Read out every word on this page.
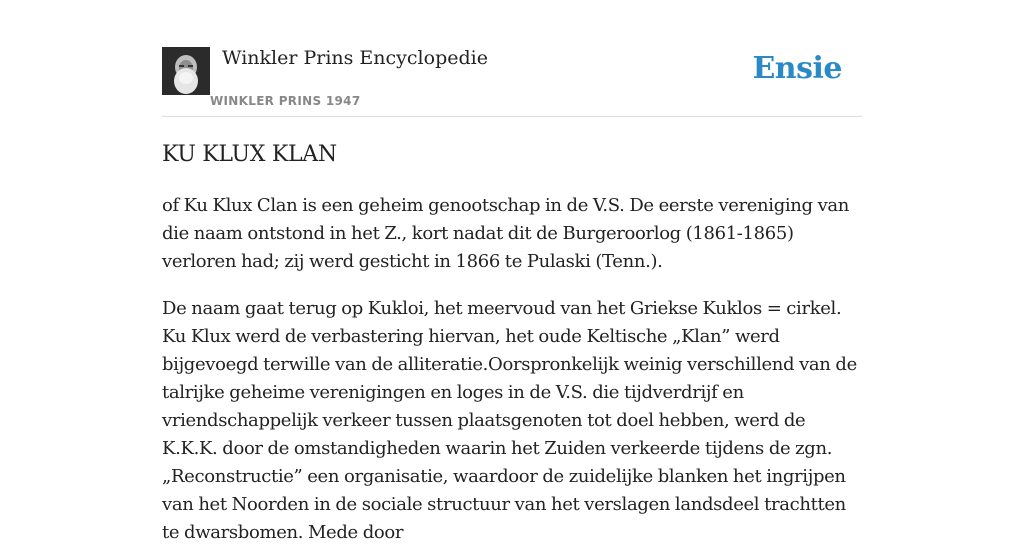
Winkler Prins Encyclopedie
WINKLER PRINS 1947
Ensie
KU KLUX KLAN

of Ku Klux Clan is een geheim genootschap in de V.S. De eerste vereniging van die naam ontstond in het Z., kort nadat dit de Burgeroorlog (1861-1865) verloren had; zij werd gesticht in 1866 te Pulaski (Tenn.).

De naam gaat terug op Kukloi, het meervoud van het Griekse Kuklos = cirkel. Ku Klux werd de verbastering hiervan, het oude Keltische „Klan” werd bijgevoegd terwille van de alliteratie.Oorspronkelijk weinig verschillend van de talrijke geheime verenigingen en loges in de V.S. die tijdverdrijf en vriendschappelijk verkeer tussen plaatsgenoten tot doel hebben, werd de K.K.K. door de omstandigheden waarin het Zuiden verkeerde tijdens de zgn. „Reconstructie” een organisatie, waardoor de zuidelijke blanken het ingrijpen van het Noorden in de sociale structuur van het verslagen landsdeel trachtten te dwarsbomen. Mede door
